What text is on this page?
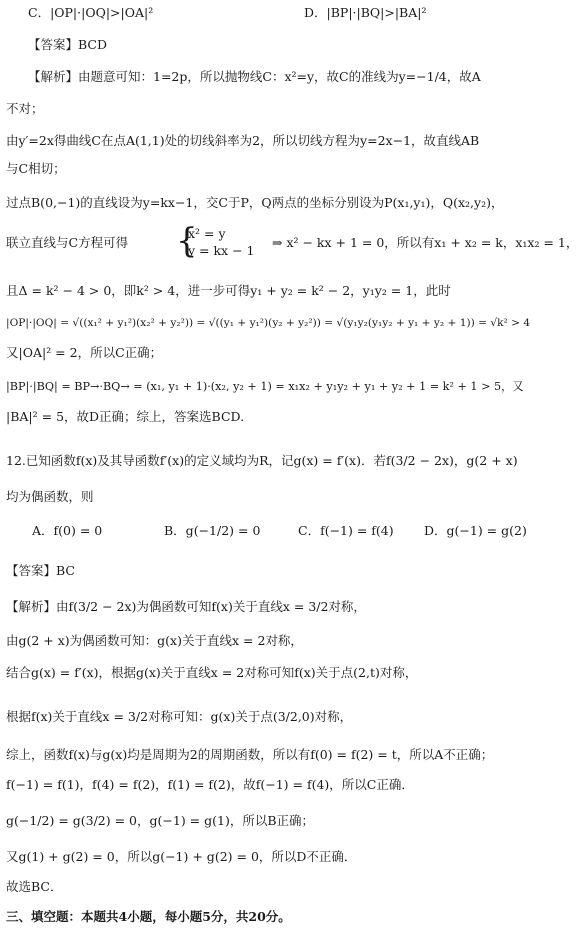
C．|OP|·|OQ|>|OA|²	D．|BP|·|BQ|>|BA|²
【答案】BCD
【解析】由题意可知：1=2p，所以抛物线C：x²=y，故C的准线为y=−1/4，故A
不对；
由y′=2x得曲线C在点A(1,1)处的切线斜率为2，所以切线方程为y=2x−1，故直线AB
与C相切；
过点B(0,−1)的直线设为y=kx−1，交C于P，Q两点的坐标分别设为P(x₁,y₁)，Q(x₂,y₂)，
联立直线与C方程可得	⇒ x² − kx + 1 = 0，所以有x₁ + x₂ = k，x₁x₂ = 1，
{
x² = y
y = kx − 1
且Δ = k² − 4 > 0，即k² > 4，进一步可得y₁ + y₂ = k² − 2，y₁y₂ = 1，此时
|OP|·|OQ| = √((x₁² + y₁²)(x₂² + y₂²)) = √((y₁ + y₁²)(y₂ + y₂²)) = √(y₁y₂(y₁y₂ + y₁ + y₂ + 1)) = √k² > 4
又|OA|² = 2，所以C正确；
|BP|·|BQ| = BP→·BQ→ = (x₁, y₁ + 1)·(x₂, y₂ + 1) = x₁x₂ + y₁y₂ + y₁ + y₂ + 1 = k² + 1 > 5，又
|BA|² = 5，故D正确；综上，答案选BCD.
12.已知函数f(x)及其导函数f′(x)的定义域均为R，记g(x) = f′(x)．若f(3/2 − 2x)，g(2 + x)
均为偶函数，则
A．f(0) = 0	B．g(−1/2) = 0	C．f(−1) = f(4) D．g(−1) = g(2)
【答案】BC
【解析】由f(3/2 − 2x)为偶函数可知f(x)关于直线x = 3/2对称，
由g(2 + x)为偶函数可知：g(x)关于直线x = 2对称，
结合g(x) = f′(x)，根据g(x)关于直线x = 2对称可知f(x)关于点(2,t)对称，
根据f(x)关于直线x = 3/2对称可知：g(x)关于点(3/2,0)对称，
综上，函数f(x)与g(x)均是周期为2的周期函数，所以有f(0) = f(2) = t，所以A不正确；
f(−1) = f(1)，f(4) = f(2)，f(1) = f(2)，故f(−1) = f(4)，所以C正确．
g(−1/2) = g(3/2) = 0，g(−1) = g(1)，所以B正确；
又g(1) + g(2) = 0，所以g(−1) + g(2) = 0，所以D不正确．
故选BC．
三、填空题：本题共4小题，每小题5分，共20分。
